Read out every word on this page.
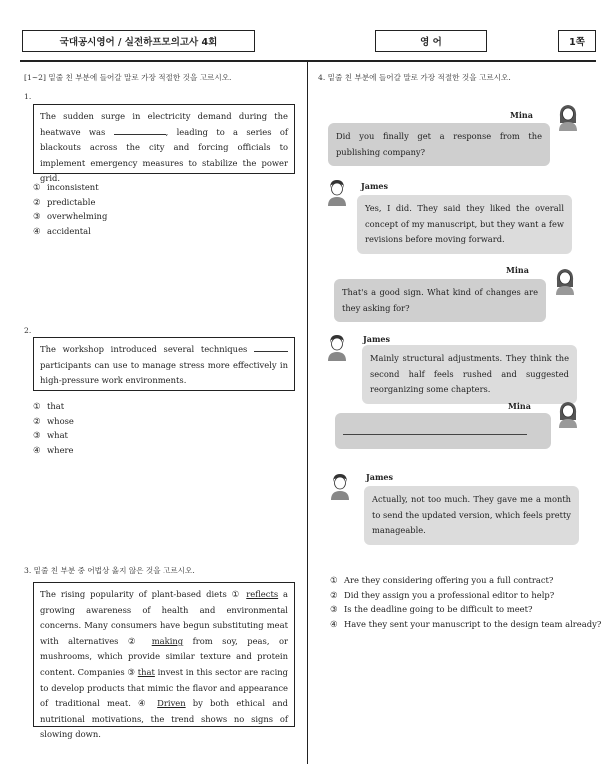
국대공시영어 / 실전하프모의고사 4회	영 어	1쪽
[1~2] 밑줄 친 부분에 들어갈 말로 가장 적절한 것을 고르시오.
1.
The sudden surge in electricity demand during the heatwave was	, leading to a series of blackouts across the city and forcing officials to implement emergency measures to stabilize the power grid.
① inconsistent
② predictable
③ overwhelming
④ accidental
2.
The workshop introduced several techniques  participants can use to manage stress more effectively in high-pressure work environments.
① that
② whose
③ what
④ where
3. 밑줄 친 부분 중 어법상 옳지 않은 것을 고르시오.
The rising popularity of plant-based diets ① reflects a growing awareness of health and environmental concerns. Many consumers have begun substituting meat with alternatives ② making from soy, peas, or mushrooms, which provide similar texture and protein content. Companies ③ that invest in this sector are racing to develop products that mimic the flavor and appearance of traditional meat. ④ Driven by both ethical and nutritional motivations, the trend shows no signs of slowing down.
4. 밑줄 친 부분에 들어갈 말로 가장 적절한 것을 고르시오.
Mina
Did you finally get a response from the publishing company?
James
Yes, I did. They said they liked the overall concept of my manuscript, but they want a few revisions before moving forward.
Mina
That's a good sign. What kind of changes are they asking for?
James
Mainly structural adjustments. They think the second half feels rushed and suggested reorganizing some chapters.
Mina
James
Actually, not too much. They gave me a month to send the updated version, which feels pretty manageable.
① Are they considering offering you a full contract?
② Did they assign you a professional editor to help?
③ Is the deadline going to be difficult to meet?
④ Have they sent your manuscript to the design team already?
